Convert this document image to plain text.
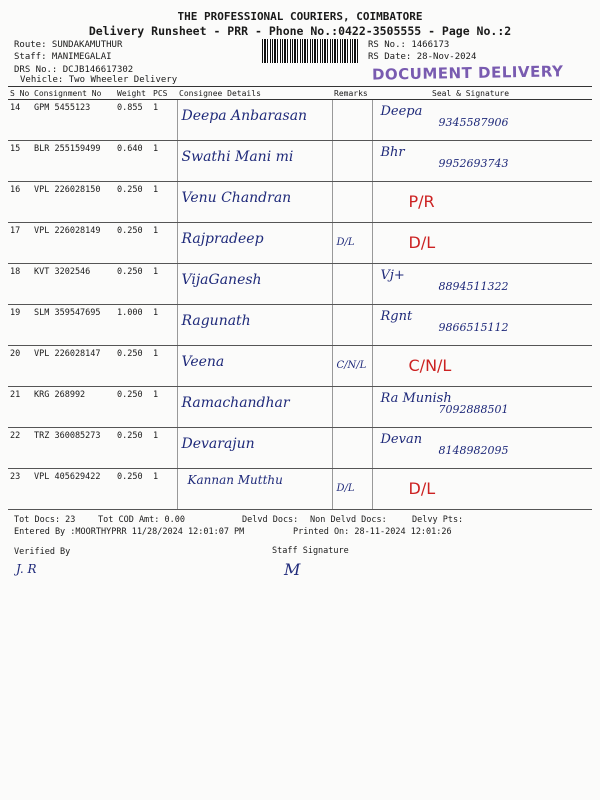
THE PROFESSIONAL COURIERS, COIMBATORE
Delivery Runsheet - PRR - Phone No.:0422-3505555 - Page No.:2
Route: SUNDAKAMUTHUR
Staff: MANIMEGALAI
DRS No.: DCJB146617302
Vehicle: Two Wheeler Delivery
RS No.: 1466173
RS Date: 28-Nov-2024
DOCUMENT DELIVERY
S No	Consignment No	Weight	PCS	Consignee Details	Remarks	Seal & Signature
14	GPM 5455123	0.855	1	Deepa Anbarasan		Deepa
9345587906

15	BLR 255159499	0.640	1	Swathi Mani mi		Bhr
9952693743

16	VPL 226028150	0.250	1	Venu Chandran		P/R

17	VPL 226028149	0.250	1	Rajpradeep	D/L	D/L

18	KVT 3202546	0.250	1	VijaGanesh		Vj+
8894511322

19	SLM 359547695	1.000	1	Ragunath		Rgnt
9866515112

20	VPL 226028147	0.250	1	Veena	C/N/L	C/N/L

21	KRG 268992	0.250	1	Ramachandhar		Ra Munish
7092888501

22	TRZ 360085273	0.250	1	Devarajun		Devan
8148982095

23	VPL 405629422	0.250	1	Kannan Mutthu	D/L	D/L
Tot Docs: 23	Tot COD Amt: 0.00	Delvd Docs: Non Delvd Docs:	Delvy Pts:
Entered By :MOORTHYPRR 11/28/2024 12:01:07 PM	Printed On: 28-11-2024 12:01:26
Verified By	Staff Signature
J. R	M
